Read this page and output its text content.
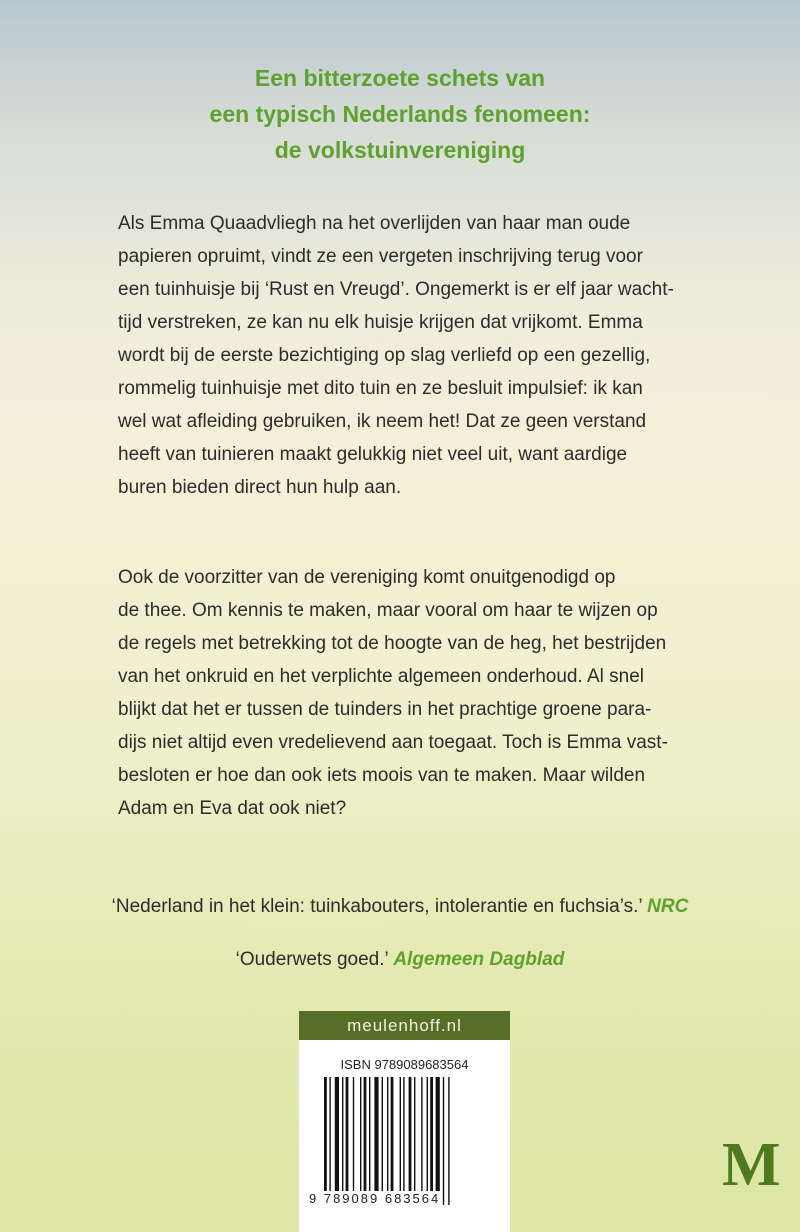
Een bitterzoete schets van
een typisch Nederlands fenomeen:
de volkstuinvereniging
Als Emma Quaadvliegh na het overlijden van haar man oude
papieren opruimt, vindt ze een vergeten inschrijving terug voor
een tuinhuisje bij ‘Rust en Vreugd’. Ongemerkt is er elf jaar wacht-
tijd verstreken, ze kan nu elk huisje krijgen dat vrijkomt. Emma
wordt bij de eerste bezichtiging op slag verliefd op een gezellig,
rommelig tuinhuisje met dito tuin en ze besluit impulsief: ik kan
wel wat afleiding gebruiken, ik neem het! Dat ze geen verstand
heeft van tuinieren maakt gelukkig niet veel uit, want aardige
buren bieden direct hun hulp aan.
Ook de voorzitter van de vereniging komt onuitgenodigd op
de thee. Om kennis te maken, maar vooral om haar te wijzen op
de regels met betrekking tot de hoogte van de heg, het bestrijden
van het onkruid en het verplichte algemeen onderhoud. Al snel
blijkt dat het er tussen de tuinders in het prachtige groene para-
dijs niet altijd even vredelievend aan toegaat. Toch is Emma vast-
besloten er hoe dan ook iets moois van te maken. Maar wilden
Adam en Eva dat ook niet?
‘Nederland in het klein: tuinkabouters, intolerantie en fuchsia’s.’ NRC
‘Ouderwets goed.’ Algemeen Dagblad
meulenhoff.nl
ISBN 9789089683564
9 789089 683564	M
